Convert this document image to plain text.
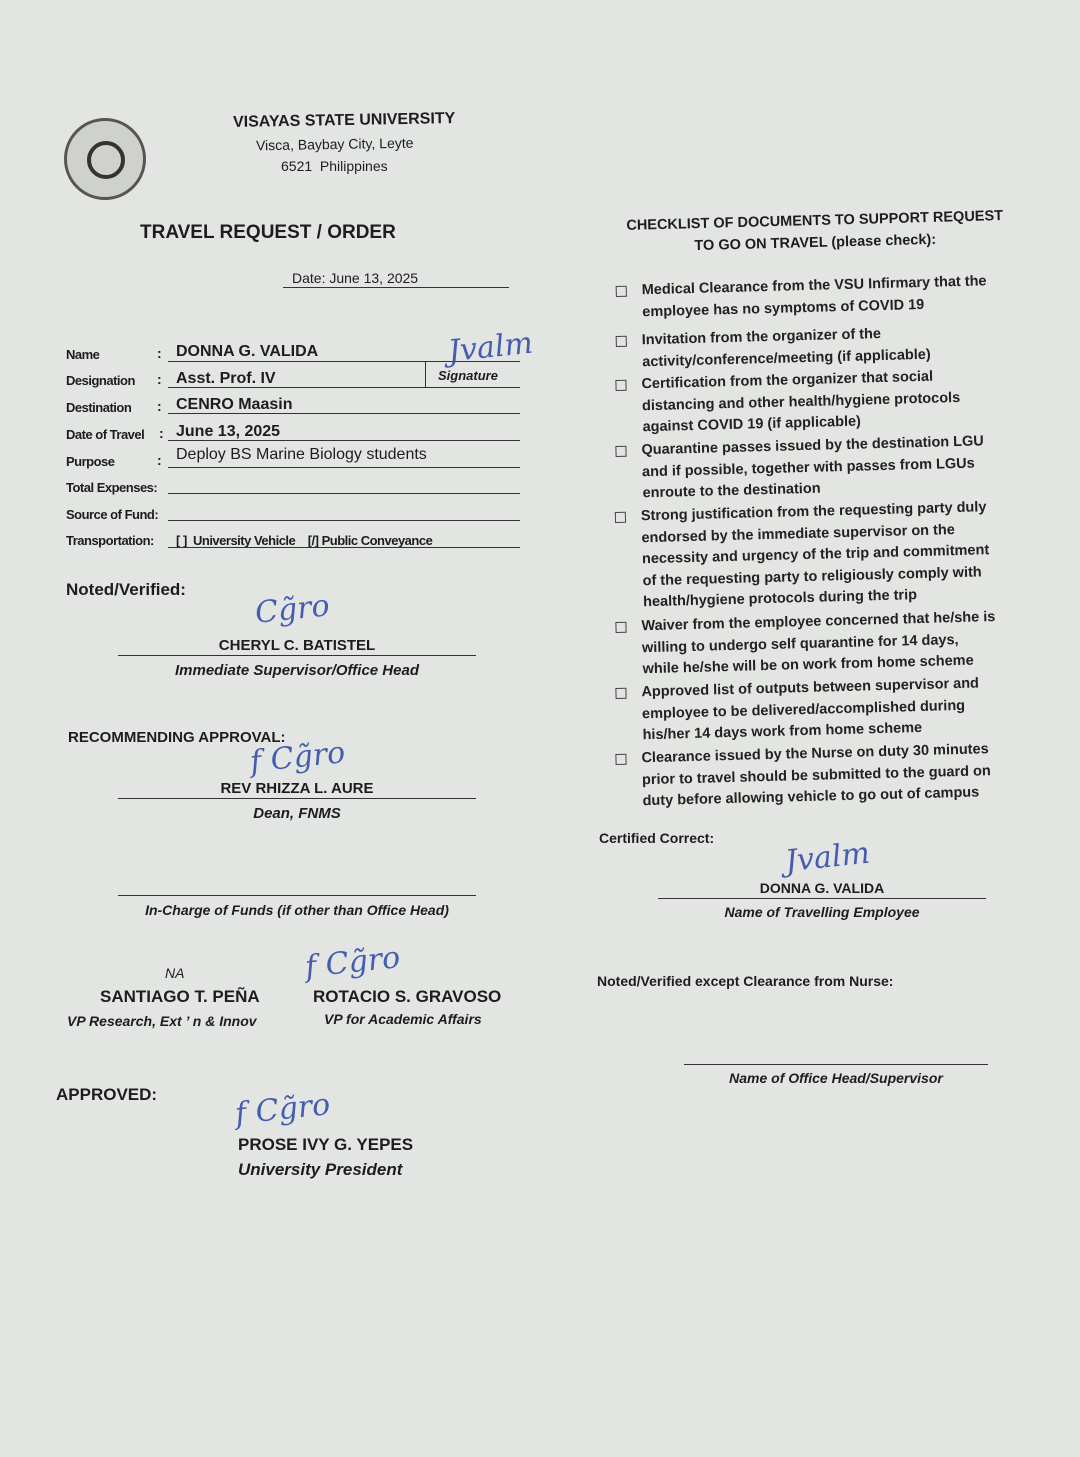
VISAYAS STATE UNIVERSITY
Visca, Baybay City, Leyte
6521  Philippines
TRAVEL REQUEST / ORDER
Date: June 13, 2025
Name	: DONNA G. VALIDA
Designation : Asst. Prof. IV	Signature
Jvalm
Destination : CENRO Maasin
Date of Travel : June 13, 2025
Purpose	: Deploy BS Marine Biology students
Total Expenses:
Source of Fund:
Transportation: [ ]  University Vehicle    [/] Public Conveyance
Noted/Verified: Cg̃ro
CHERYL C. BATISTEL
Immediate Supervisor/Office Head
RECOMMENDING APPROVAL:
f Cg̃ro
REV RHIZZA L. AURE
Dean, FNMS
In-Charge of Funds (if other than Office Head)
NA
SANTIAGO T. PEÑA
VP Research, Ext ’ n & Innov
f Cg̃ro
ROTACIO S. GRAVOSO
VP for Academic Affairs
APPROVED:	f Cg̃ro
PROSE IVY G. YEPES
University President
CHECKLIST OF DOCUMENTS TO SUPPORT REQUEST
TO GO ON TRAVEL (please check):
Medical Clearance from the VSU Infirmary that the employee has no symptoms of COVID 19
Invitation from the organizer of the activity/conference/meeting (if applicable)
Certification from the organizer that social distancing and other health/hygiene protocols against COVID 19 (if applicable)
Quarantine passes issued by the destination LGU and if possible, together with passes from LGUs enroute to the destination
Strong justification from the requesting party duly endorsed by the immediate supervisor on the necessity and urgency of the trip and commitment of the requesting party to religiously comply with health/hygiene protocols during the trip
Waiver from the employee concerned that he/she is willing to undergo self quarantine for 14 days, while he/she will be on work from home scheme
Approved list of outputs between supervisor and employee to be delivered/accomplished during his/her 14 days work from home scheme
Clearance issued by the Nurse on duty 30 minutes prior to travel should be submitted to the guard on duty before allowing vehicle to go out of campus
Certified Correct: Jvalm
DONNA G. VALIDA
Name of Travelling Employee
Noted/Verified except Clearance from Nurse:
Name of Office Head/Supervisor
